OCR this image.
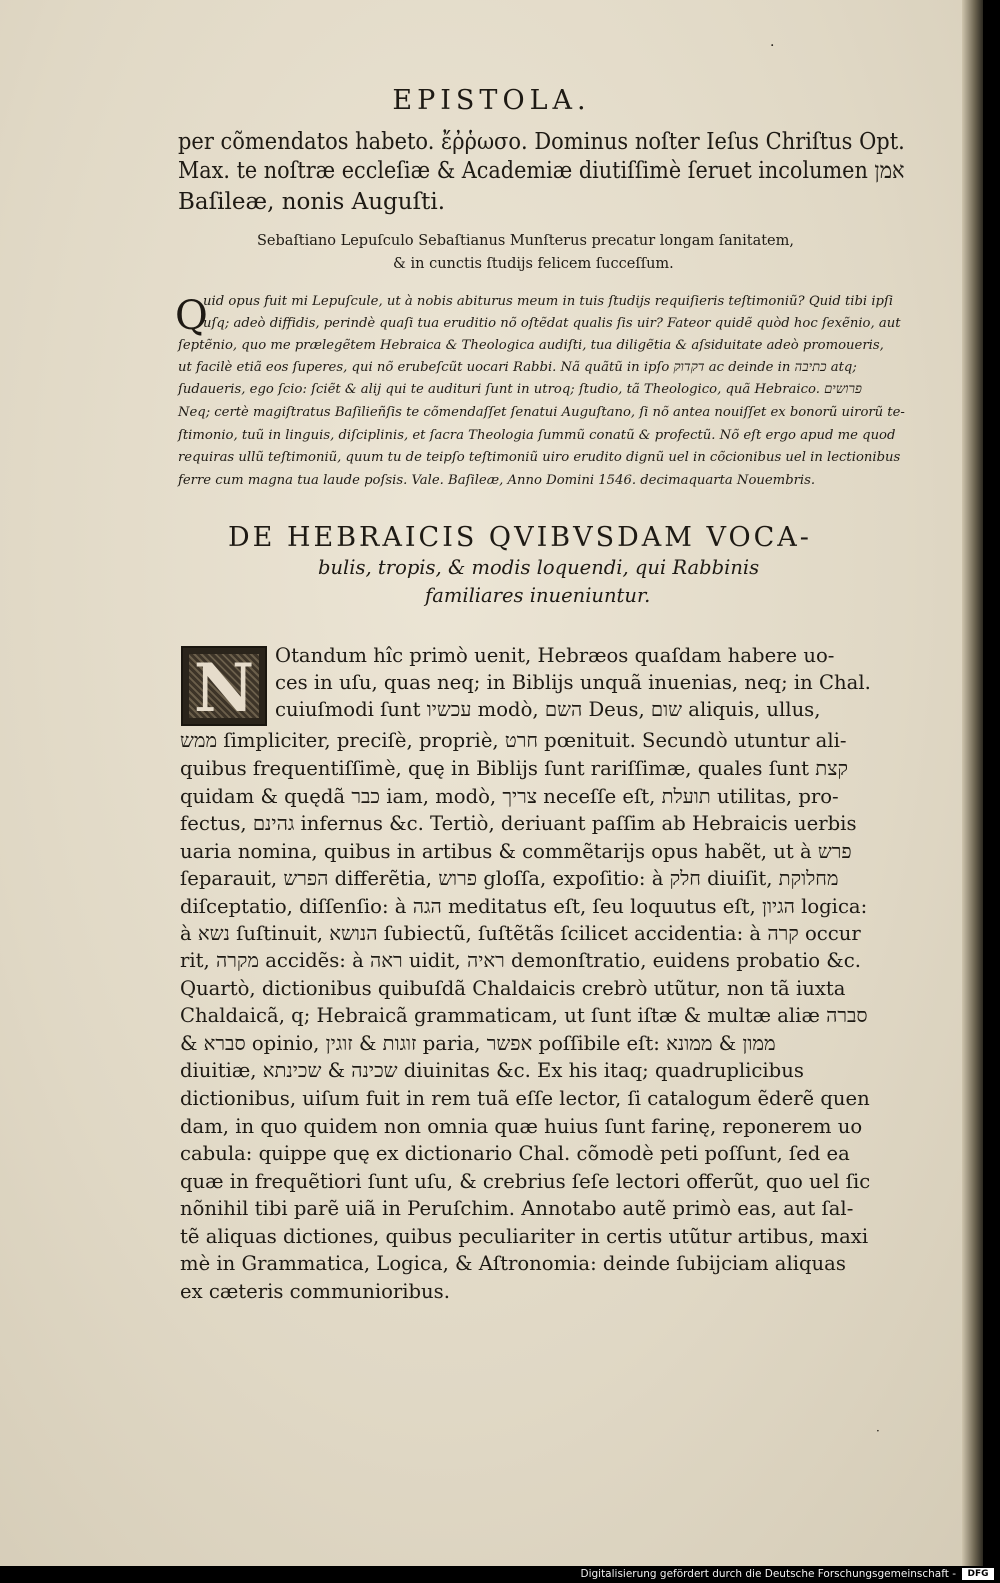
EPISTOLA.
per cõmendatos habeto. ἔῤῥωσο. Dominus noſter Ieſus Chriſtus Opt.
Max. te noſtræ eccleſiæ & Academiæ diutiſſimè ſeruet incolumen אמן
Baſileæ, nonis Auguſti.
Sebaſtiano Lepuſculo Sebaſtianus Munſterus precatur longam ſanitatem,
& in cunctis ſtudijs felicem ſucceſſum.
Q
uid opus fuit mi Lepuſcule, ut à nobis abiturus meum in tuis ſtudijs requiſieris teſtimoniũ? Quid tibi ipſi
uſq; adeò diffidis, perindè quaſi tua eruditio nõ oſtẽdat qualis ſis uir? Fateor quidẽ quòd hoc ſexẽnio, aut
ſeptẽnio, quo me prælegẽtem Hebraica & Theologica audiſti, tua diligẽtia & aſsiduitate adeò promoueris,
ut facilè etiã eos ſuperes, qui nõ erubeſcũt uocari Rabbi. Nã quãtũ in ipſo דקדוק ac deinde in כתיבה atq;
ſudaueris, ego ſcio: ſciẽt & alij qui te audituri ſunt in utroq; ſtudio, tã Theologico, quã Hebraico. פרושים
Neq; certè magiſtratus Baſilieñſis te cõmendaſſet ſenatui Auguſtano, ſi nõ antea nouiſſet ex bonorũ uirorũ te-
ſtimonio, tuũ in linguis, diſciplinis, et ſacra Theologia ſummũ conatũ & profectũ. Nõ eſt ergo apud me quod
requiras ullũ teſtimoniũ, quum tu de teipſo teſtimoniũ uiro erudito dignũ uel in cõcionibus uel in lectionibus
ferre cum magna tua laude poſsis. Vale. Baſileæ, Anno Domini 1546. decimaquarta Nouembris.
DE HEBRAICIS QVIBVSDAM VOCA-
bulis, tropis, & modis loquendi, qui Rabbinis
familiares inueniuntur.
N	Otandum hîc primò uenit, Hebræos quaſdam habere uo-
ces in uſu, quas neq; in Biblijs unquã inuenias, neq; in Chal.
cuiuſmodi ſunt עכשיו modò, השם Deus, שום aliquis, ullus,
ממש ſimpliciter, preciſè, propriè, חרט pœnituit. Secundò utuntur ali-
quibus frequentiſſimè, quę in Biblijs ſunt rariſſimæ, quales ſunt קצת
quidam & quędã כבר iam, modò, צריך neceſſe eſt, תועלת utilitas, pro-
fectus, גהינם infernus &c. Tertiò, deriuant paſſim ab Hebraicis uerbis
uaria nomina, quibus in artibus & commẽtarijs opus habẽt, ut à פרש
ſeparauit, הפרש differẽtia, פרוש gloſſa, expoſitio: à חלק diuiſit, מחלוקת
diſceptatio, diſſenſio: à הגה meditatus eſt, ſeu loquutus eſt, הגיון logica:
à נשא ſuſtinuit, הנושא ſubiectũ, ſuſtẽtãs ſcilicet accidentia: à קרה occur
rit, מקרה accidẽs: à ראה uidit, ראיה demonſtratio, euidens probatio &c.
Quartò, dictionibus quibuſdã Chaldaicis crebrò utũtur, non tã iuxta
Chaldaicã, q; Hebraicã grammaticam, ut ſunt iſtæ & multæ aliæ סברה
& סברא opinio, זוגות & זוגין paria, אפשר poſſibile eſt: ממון & ממונא
diuitiæ, שכינה & שכינתא diuinitas &c. Ex his itaq; quadruplicibus
dictionibus, uiſum fuit in rem tuã eſſe lector, ſi catalogum ẽderẽ quen
dam, in quo quidem non omnia quæ huius ſunt farinę, reponerem uo
cabula: quippe quę ex dictionario Chal. cõmodè peti poſſunt, ſed ea
quæ in frequẽtiori ſunt uſu, & crebrius ſeſe lectori offerũt, quo uel ſic
nõnihil tibi parẽ uiã in Peruſchim. Annotabo autẽ primò eas, aut ſal-
tẽ aliquas dictiones, quibus peculiariter in certis utũtur artibus, maxi
mè in Grammatica, Logica, & Aſtronomia: deinde ſubijciam aliquas
ex cæteris communioribus.
·
·
Digitalisierung gefördert durch die Deutsche Forschungsgemeinschaft -	DFG
